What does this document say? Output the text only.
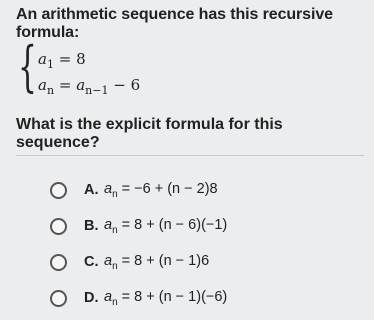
An arithmetic sequence has this recursive formula:
{ $a_1 = 8$
$a_n = a_{n-1} - 6$
What is the explicit formula for this sequence?
A. $a_n = -6 + (n - 2)8$
B. $a_n = 8 + (n - 6)(-1)$
C. $a_n = 8 + (n - 1)6$
D. $a_n = 8 + (n - 1)(-6)$
